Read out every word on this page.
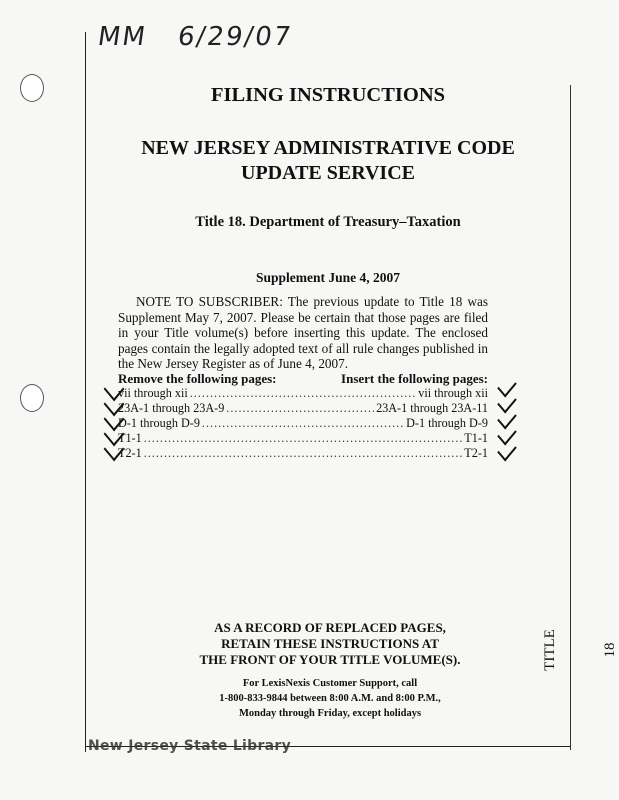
MM 6/29/07
FILING INSTRUCTIONS
NEW JERSEY ADMINISTRATIVE CODE
UPDATE SERVICE
Title 18. Department of Treasury–Taxation
Supplement June 4, 2007
NOTE TO SUBSCRIBER: The previous update to Title 18 was Supplement May 7, 2007. Please be certain that those pages are filed in your Title volume(s) before inserting this update. The enclosed pages contain the legally adopted text of all rule changes published in the New Jersey Register as of June 4, 2007.
Remove the following pages:	Insert the following pages:
vii through xii .....	vii through xii
23A-1 through 23A-9 .....	23A-1 through 23A-11
D-1 through D-9 .....	D-1 through D-9
T1-1 .....	T1-1
T2-1 .....	T2-1
AS A RECORD OF REPLACED PAGES,
RETAIN THESE INSTRUCTIONS AT
THE FRONT OF YOUR TITLE VOLUME(S).
For LexisNexis Customer Support, call
1-800-833-9844 between 8:00 A.M. and 8:00 P.M.,
Monday through Friday, except holidays
TITLE 18
New Jersey State Library
